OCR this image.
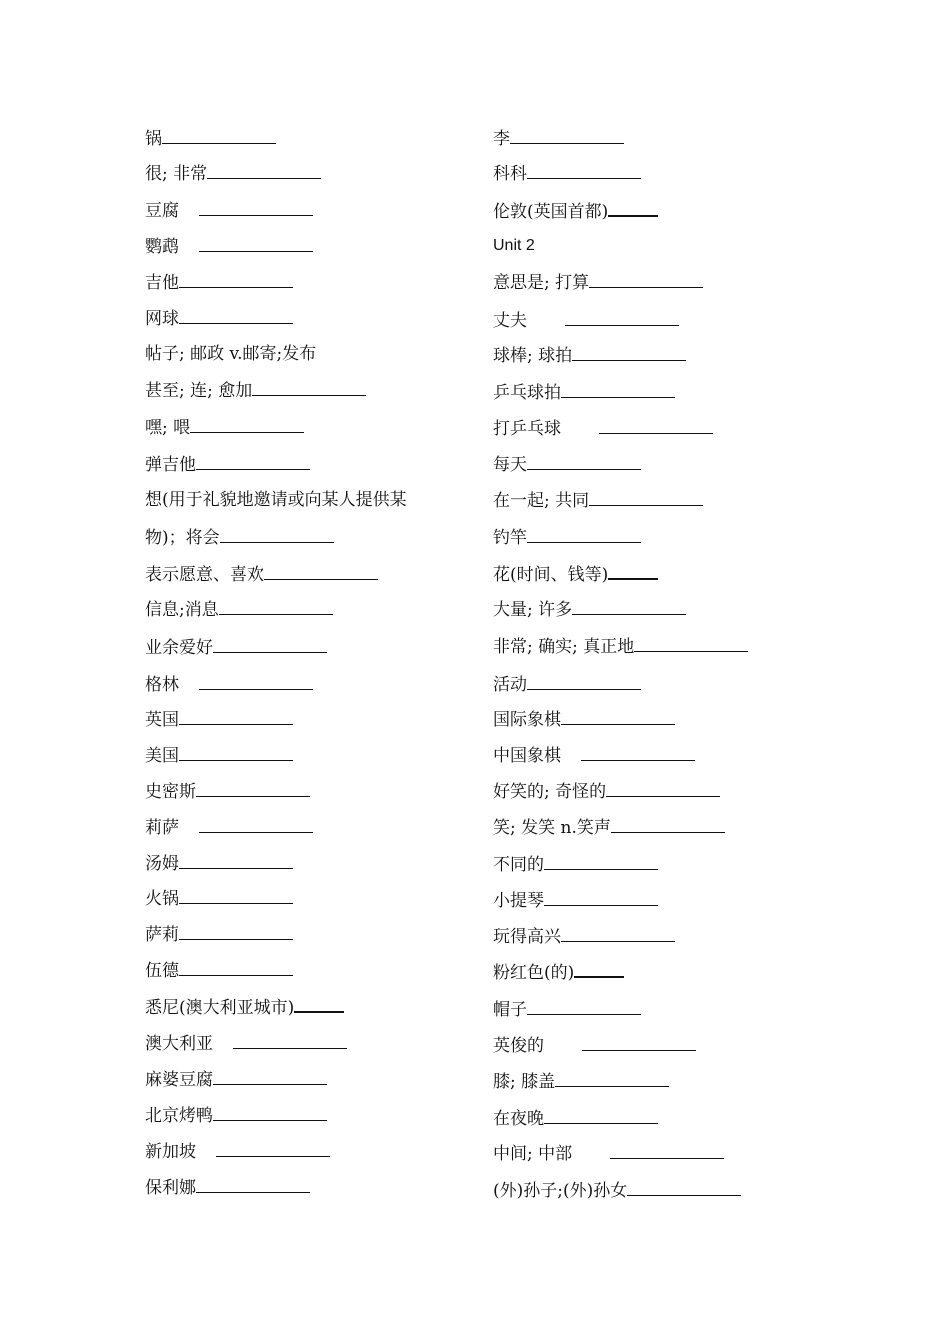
锅
很; 非常
豆腐
鹦鹉
吉他
网球
帖子; 邮政 v.邮寄;发布
甚至; 连; 愈加
嘿; 喂
弹吉他
想(用于礼貌地邀请或向某人提供某
物)；将会
表示愿意、喜欢
信息;消息
业余爱好
格林
英国
美国
史密斯
莉萨
汤姆
火锅
萨莉
伍德
悉尼(澳大利亚城市)
澳大利亚
麻婆豆腐
北京烤鸭
新加坡
保利娜
李
科科
伦敦(英国首都)
Unit 2
意思是; 打算
丈夫
球棒; 球拍
乒乓球拍
打乒乓球
每天
在一起; 共同
钓竿
花(时间、钱等)
大量; 许多
非常; 确实; 真正地
活动
国际象棋
中国象棋
好笑的; 奇怪的
笑; 发笑 n.笑声
不同的
小提琴
玩得高兴
粉红色(的)
帽子
英俊的
膝; 膝盖
在夜晚
中间; 中部
(外)孙子;(外)孙女
